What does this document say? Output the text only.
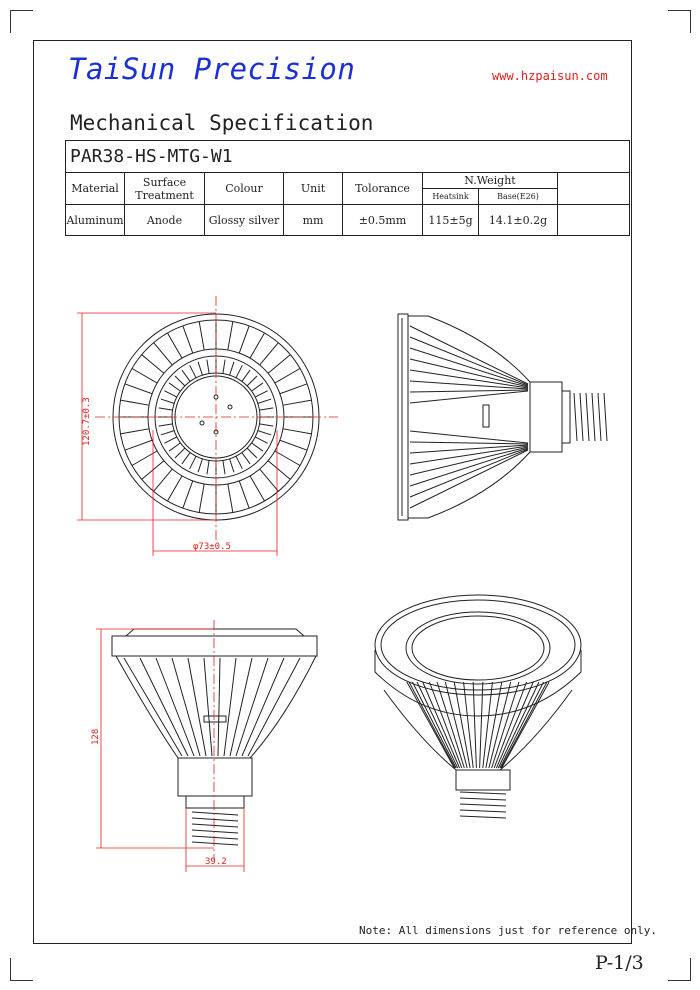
TaiSun Precision	www.hzpaisun.com
Mechanical Specification
PAR38-HS-MTG-W1							
Material	Surface Treatment	Colour	Unit	Tolorance	N.Weight		
					Heatsink	Base(E26)	
Aluminum	Anode	Glossy silver	mm	±0.5mm	115±5g	14.1±0.2g	
120.7±0.3
φ73±0.5
128
39.2
Note: All dimensions just for reference only.
P-1/3
